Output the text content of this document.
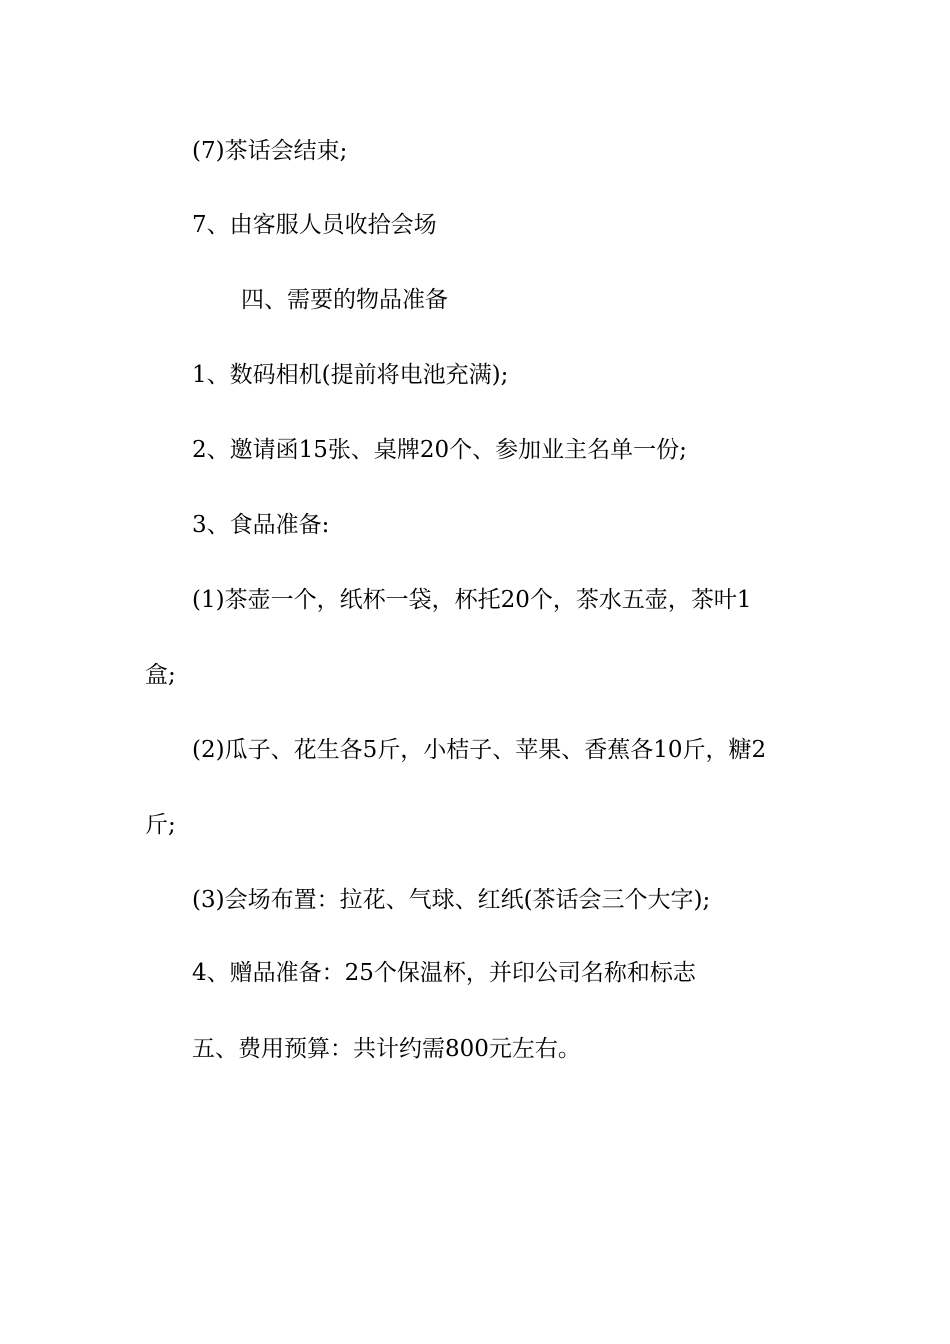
(7)茶话会结束;
7、由客服人员收拾会场
四、需要的物品准备
1、数码相机(提前将电池充满);
2、邀请函15张、桌牌20个、参加业主名单一份;
3、食品准备:
(1)茶壶一个，纸杯一袋，杯托20个，茶水五壶，茶叶1
盒;
(2)瓜子、花生各5斤，小桔子、苹果、香蕉各10斤，糖2
斤;
(3)会场布置：拉花、气球、红纸(茶话会三个大字);
4、赠品准备：25个保温杯，并印公司名称和标志
五、费用预算：共计约需800元左右。
